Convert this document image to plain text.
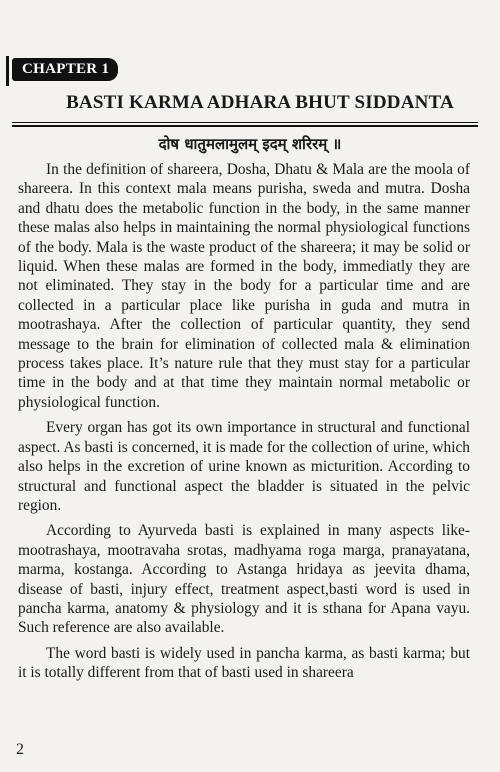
CHAPTER 1
BASTI KARMA ADHARA BHUT SIDDANTA
दोष धातुमलामुलम् इदम् शरिरम् ॥

In the definition of shareera, Dosha, Dhatu & Mala are the moola of shareera. In this context mala means purisha, sweda and mutra. Dosha and dhatu does the metabolic function in the body, in the same manner these malas also helps in maintaining the normal physiological functions of the body. Mala is the waste product of the shareera; it may be solid or liquid. When these malas are formed in the body, immediatly they are not eliminated. They stay in the body for a particular time and are collected in a particular place like purisha in guda and mutra in mootrashaya. After the collection of particular quantity, they send message to the brain for elimination of collected mala & elimination process takes place. It’s nature rule that they must stay for a particular time in the body and at that time they maintain normal metabolic or physiological function.

Every organ has got its own importance in structural and functional aspect. As basti is concerned, it is made for the collection of urine, which also helps in the excretion of urine known as micturition. According to structural and functional aspect the bladder is situated in the pelvic region.

According to Ayurveda basti is explained in many aspects like- mootrashaya, mootravaha srotas, madhyama roga marga, pranayatana, marma, kostanga. According to Astanga hridaya as jeevita dhama, disease of basti, injury effect, treatment aspect,basti word is used in pancha karma, anatomy & physiology and it is sthana for Apana vayu. Such reference are also available.

The word basti is widely used in pancha karma, as basti karma; but it is totally different from that of basti used in shareera

2
